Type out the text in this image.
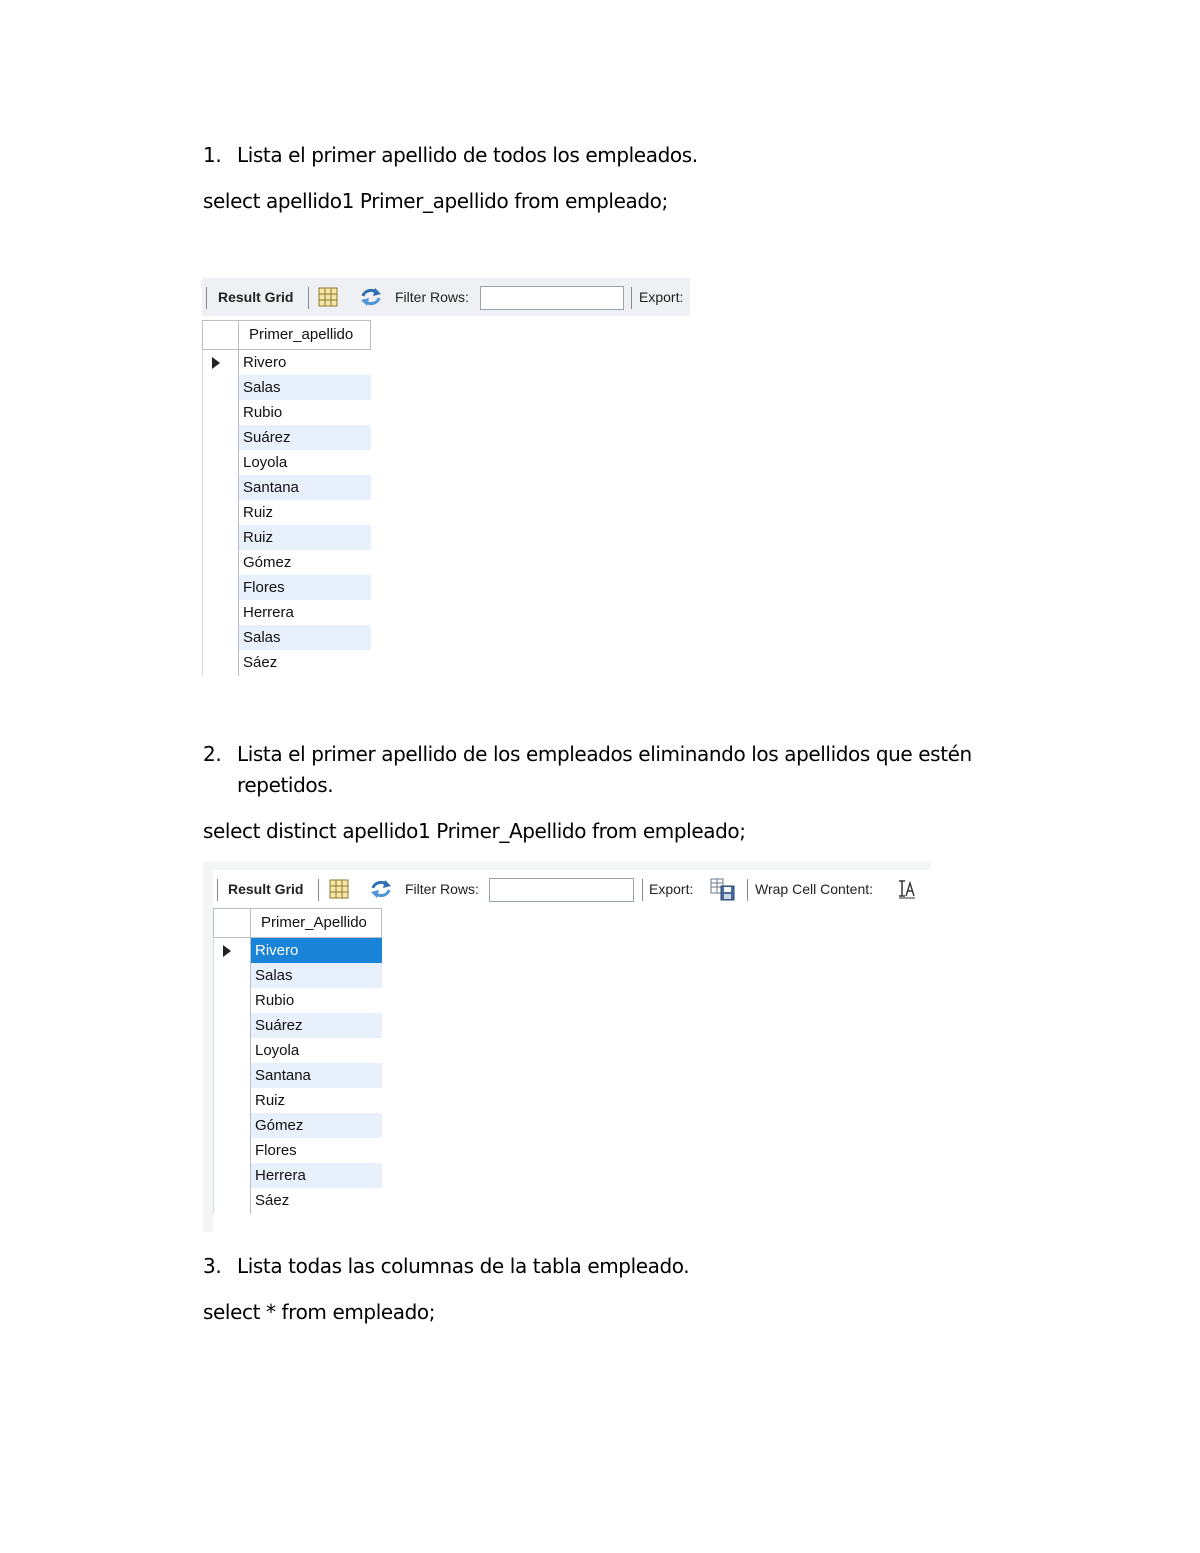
1. Lista el primer apellido de todos los empleados.
select apellido1 Primer_apellido from empleado;
Result Grid	Filter Rows:	Export:
Primer_apellido
Rivero
Salas
Rubio
Suárez
Loyola
Santana
Ruiz
Ruiz
Gómez
Flores
Herrera
Salas
Sáez
2. Lista el primer apellido de los empleados eliminando los apellidos que estén
repetidos.
select distinct apellido1 Primer_Apellido from empleado;
Result Grid	Filter Rows:	Export:	Wrap Cell Content:
Primer_Apellido
Rivero
Salas
Rubio
Suárez
Loyola
Santana
Ruiz
Gómez
Flores
Herrera
Sáez
3. Lista todas las columnas de la tabla empleado.
select * from empleado;
